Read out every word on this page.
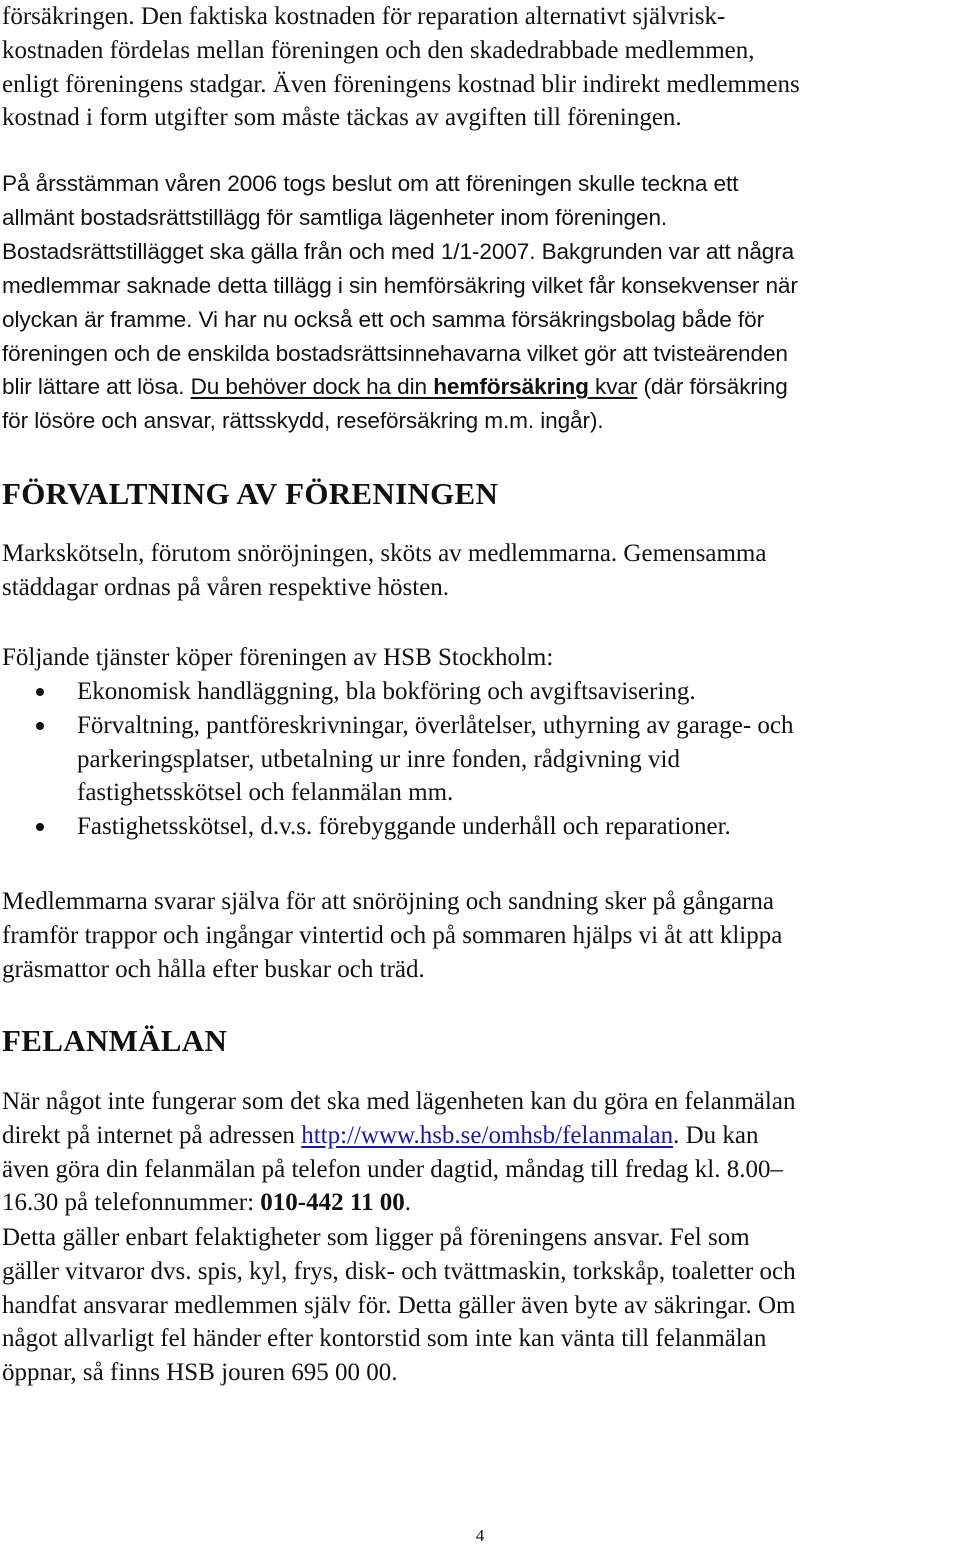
försäkringen. Den faktiska kostnaden för reparation alternativt självrisk-
kostnaden fördelas mellan föreningen och den skadedrabbade medlemmen,
enligt föreningens stadgar. Även föreningens kostnad blir indirekt medlemmens
kostnad i form utgifter som måste täckas av avgiften till föreningen.

På årsstämman våren 2006 togs beslut om att föreningen skulle teckna ett
allmänt bostadsrättstillägg för samtliga lägenheter inom föreningen.
Bostadsrättstillägget ska gälla från och med 1/1-2007. Bakgrunden var att några
medlemmar saknade detta tillägg i sin hemförsäkring vilket får konsekvenser när
olyckan är framme. Vi har nu också ett och samma försäkringsbolag både för
föreningen och de enskilda bostadsrättsinnehavarna vilket gör att tvisteärenden
blir lättare att lösa. Du behöver dock ha din hemförsäkring kvar (där försäkring
för lösöre och ansvar, rättsskydd, reseförsäkring m.m. ingår).

FÖRVALTNING AV FÖRENINGEN

Markskötseln, förutom snöröjningen, sköts av medlemmarna. Gemensamma
städdagar ordnas på våren respektive hösten.

Följande tjänster köper föreningen av HSB Stockholm:

Ekonomisk handläggning, bla bokföring och avgiftsavisering.
Förvaltning, pantföreskrivningar, överlåtelser, uthyrning av garage- och
parkeringsplatser, utbetalning ur inre fonden, rådgivning vid
fastighetsskötsel och felanmälan mm.
Fastighetsskötsel, d.v.s. förebyggande underhåll och reparationer.

Medlemmarna svarar själva för att snöröjning och sandning sker på gångarna
framför trappor och ingångar vintertid och på sommaren hjälps vi åt att klippa
gräsmattor och hålla efter buskar och träd.

FELANMÄLAN

När något inte fungerar som det ska med lägenheten kan du göra en felanmälan
direkt på internet på adressen http://www.hsb.se/omhsb/felanmalan. Du kan
även göra din felanmälan på telefon under dagtid, måndag till fredag kl. 8.00–
16.30 på telefonnummer: 010-442 11 00.

Detta gäller enbart felaktigheter som ligger på föreningens ansvar. Fel som
gäller vitvaror dvs. spis, kyl, frys, disk- och tvättmaskin, torkskåp, toaletter och
handfat ansvarar medlemmen själv för. Detta gäller även byte av säkringar. Om
något allvarligt fel händer efter kontorstid som inte kan vänta till felanmälan
öppnar, så finns HSB jouren 695 00 00.

4
